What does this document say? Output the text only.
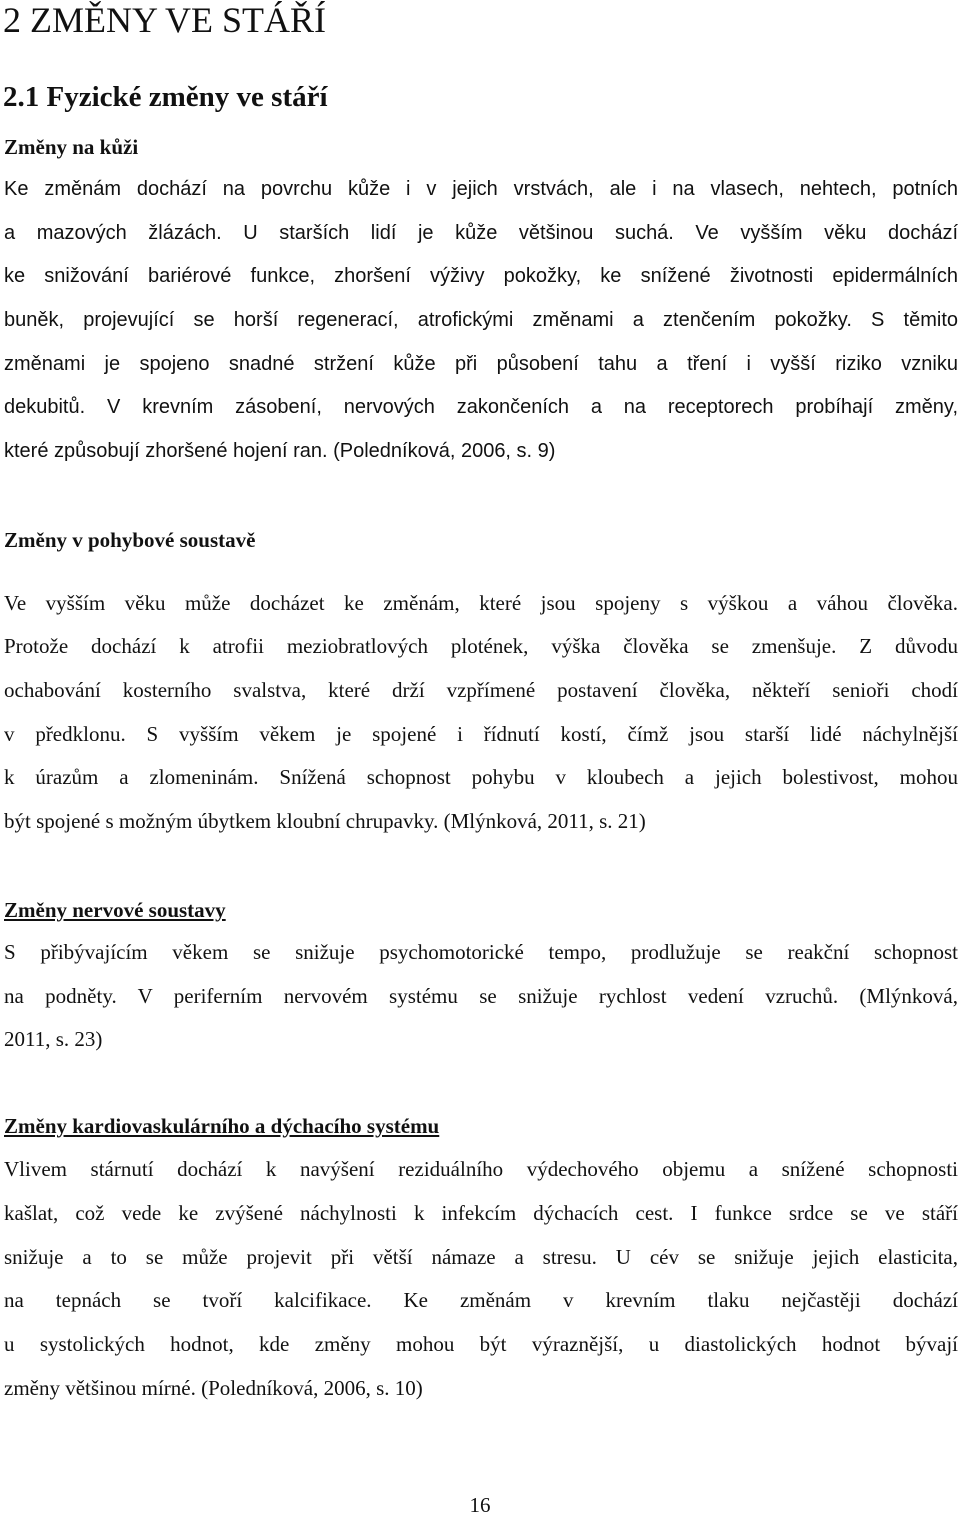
2 ZMĚNY VE STÁŘÍ
2.1 Fyzické změny ve stáří
Změny na kůži
Ke změnám dochází na povrchu kůže i v jejich vrstvách, ale i na vlasech, nehtech, potních
a mazových žlázách. U starších lidí je kůže většinou suchá. Ve vyšším věku dochází
ke snižování bariérové funkce, zhoršení výživy pokožky, ke snížené životnosti epidermálních
buněk, projevující se horší regenerací, atrofickými změnami a ztenčením pokožky. S těmito
změnami je spojeno snadné stržení kůže při působení tahu a tření i vyšší riziko vzniku
dekubitů. V krevním zásobení, nervových zakončeních a na receptorech probíhají změny,
které způsobují zhoršené hojení ran. (Poledníková, 2006, s. 9)
Změny v pohybové soustavě
Ve vyšším věku může docházet ke změnám, které jsou spojeny s výškou a váhou člověka.
Protože dochází k atrofii meziobratlových plotének, výška člověka se zmenšuje. Z důvodu
ochabování kosterního svalstva, které drží vzpřímené postavení člověka, někteří senioři chodí
v předklonu. S vyšším věkem je spojené i řídnutí kostí, čímž jsou starší lidé náchylnější
k úrazům a zlomeninám. Snížená schopnost pohybu v kloubech a jejich bolestivost, mohou
být spojené s možným úbytkem kloubní chrupavky. (Mlýnková, 2011, s. 21)
Změny nervové soustavy
S přibývajícím věkem se snižuje psychomotorické tempo, prodlužuje se reakční schopnost
na podněty. V periferním nervovém systému se snižuje rychlost vedení vzruchů. (Mlýnková,
2011, s. 23)
Změny kardiovaskulárního a dýchacího systému
Vlivem stárnutí dochází k navýšení reziduálního výdechového objemu a snížené schopnosti
kašlat, což vede ke zvýšené náchylnosti k infekcím dýchacích cest. I funkce srdce se ve stáří
snižuje a to se může projevit při větší námaze a stresu. U cév se snižuje jejich elasticita,
na tepnách se tvoří kalcifikace. Ke změnám v krevním tlaku nejčastěji dochází
u systolických hodnot, kde změny mohou být výraznější, u diastolických hodnot bývají
změny většinou mírné. (Poledníková, 2006, s. 10)
16
